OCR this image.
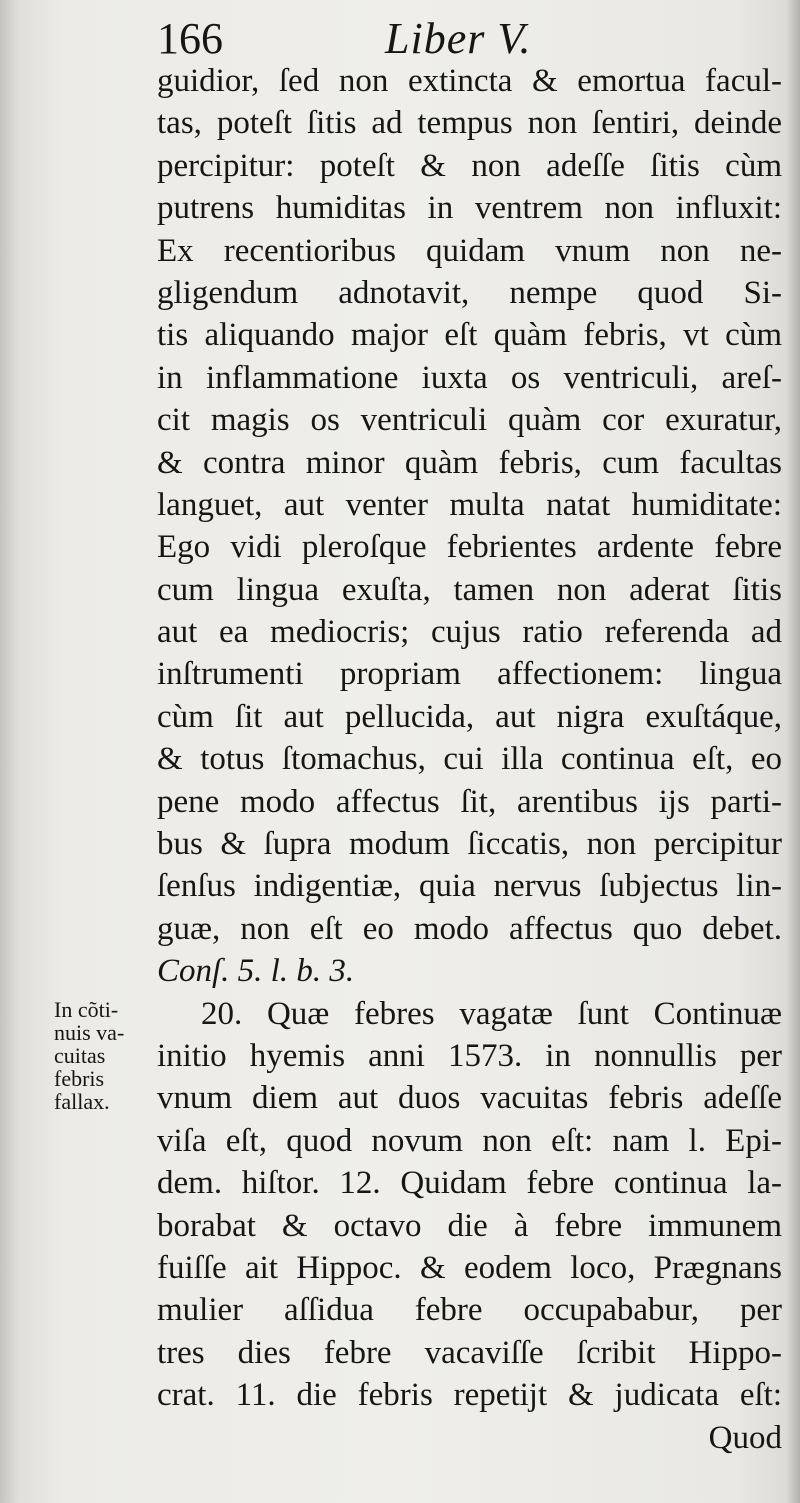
166	Liber V.
guidior, ſed non extincta & emortua facul-
tas, poteſt ſitis ad tempus non ſentiri, deinde
percipitur: poteſt & non adeſſe ſitis cùm
putrens humiditas in ventrem non influxit:
Ex recentioribus quidam vnum non ne-
gligendum adnotavit, nempe quod Si-
tis aliquando major eſt quàm febris, vt cùm
in inflammatione iuxta os ventriculi, areſ-
cit magis os ventriculi quàm cor exuratur,
& contra minor quàm febris, cum facultas
languet, aut venter multa natat humiditate:
Ego vidi pleroſque febrientes ardente febre
cum lingua exuſta, tamen non aderat ſitis
aut ea mediocris; cujus ratio referenda ad
inſtrumenti propriam affectionem: lingua
cùm ſit aut pellucida, aut nigra exuſtáque,
& totus ſtomachus, cui illa continua eſt, eo
pene modo affectus ſit, arentibus ijs parti-
bus & ſupra modum ſiccatis, non percipitur
ſenſus indigentiæ, quia nervus ſubjectus lin-
guæ, non eſt eo modo affectus quo debet.
Conſ. 5. l. b. 3.
20. Quæ febres vagatæ ſunt Continuæ
initio hyemis anni 1573. in nonnullis per
vnum diem aut duos vacuitas febris adeſſe
viſa eſt, quod novum non eſt: nam l. Epi-
dem. hiſtor. 12. Quidam febre continua la-
borabat & octavo die à febre immunem
fuiſſe ait Hippoc. & eodem loco, Prægnans
mulier aſſidua febre occupababur, per
tres dies febre vacaviſſe ſcribit Hippo-
crat. 11. die febris repetijt & judicata eſt:
Quod
In cõti-
nuis va-
cuitas
febris
fallax.
